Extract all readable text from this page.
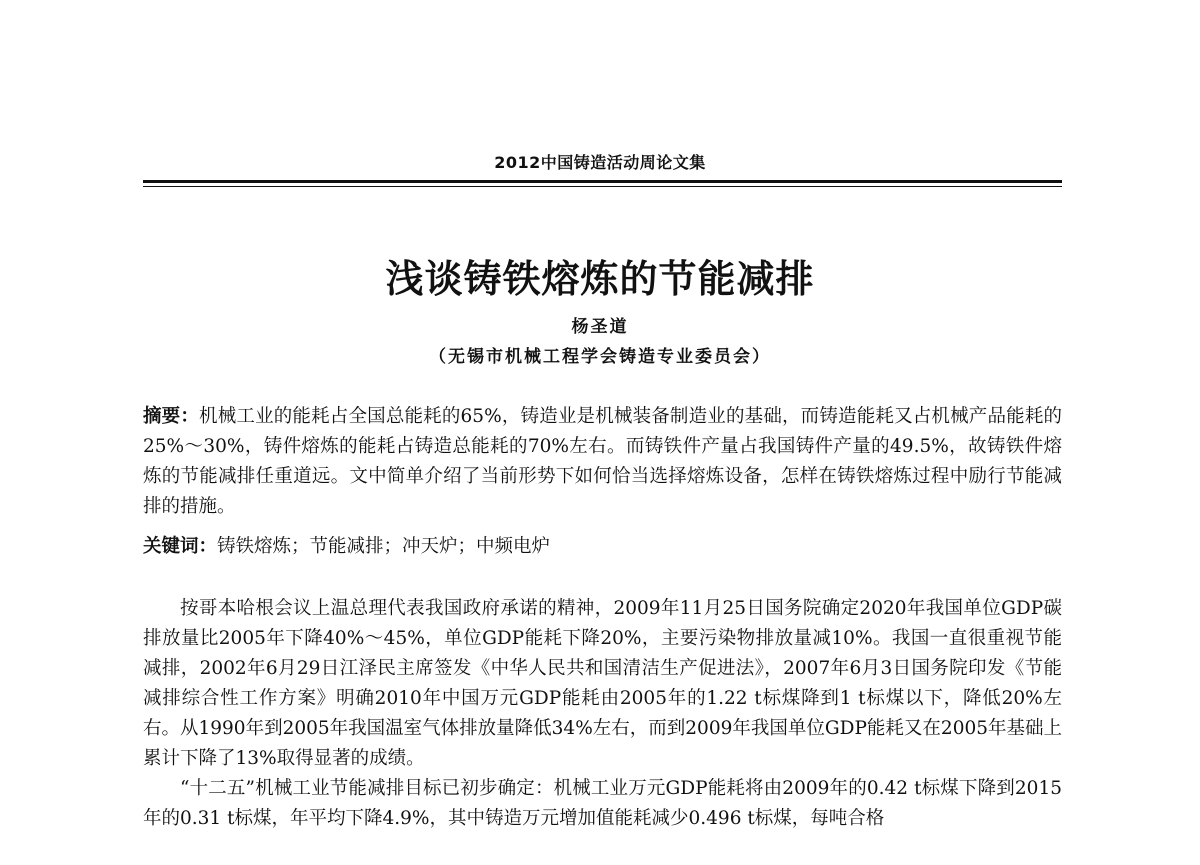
2012中国铸造活动周论文集
浅谈铸铁熔炼的节能减排
杨圣道
（无锡市机械工程学会铸造专业委员会）
摘要：机械工业的能耗占全国总能耗的65%，铸造业是机械装备制造业的基础，而铸造能耗又占机械产品能耗的25%～30%，铸件熔炼的能耗占铸造总能耗的70%左右。而铸铁件产量占我国铸件产量的49.5%，故铸铁件熔炼的节能减排任重道远。文中简单介绍了当前形势下如何恰当选择熔炼设备，怎样在铸铁熔炼过程中励行节能减排的措施。
关键词：铸铁熔炼；节能减排；冲天炉；中频电炉

按哥本哈根会议上温总理代表我国政府承诺的精神，2009年11月25日国务院确定2020年我国单位GDP碳排放量比2005年下降40%～45%，单位GDP能耗下降20%，主要污染物排放量减10%。我国一直很重视节能减排，2002年6月29日江泽民主席签发《中华人民共和国清洁生产促进法》，2007年6月3日国务院印发《节能减排综合性工作方案》明确2010年中国万元GDP能耗由2005年的1.22 t标煤降到1 t标煤以下，降低20%左右。从1990年到2005年我国温室气体排放量降低34%左右，而到2009年我国单位GDP能耗又在2005年基础上累计下降了13%取得显著的成绩。

“十二五”机械工业节能减排目标已初步确定：机械工业万元GDP能耗将由2009年的0.42 t标煤下降到2015年的0.31 t标煤，年平均下降4.9%，其中铸造万元增加值能耗减少0.496 t标煤，每吨合格
